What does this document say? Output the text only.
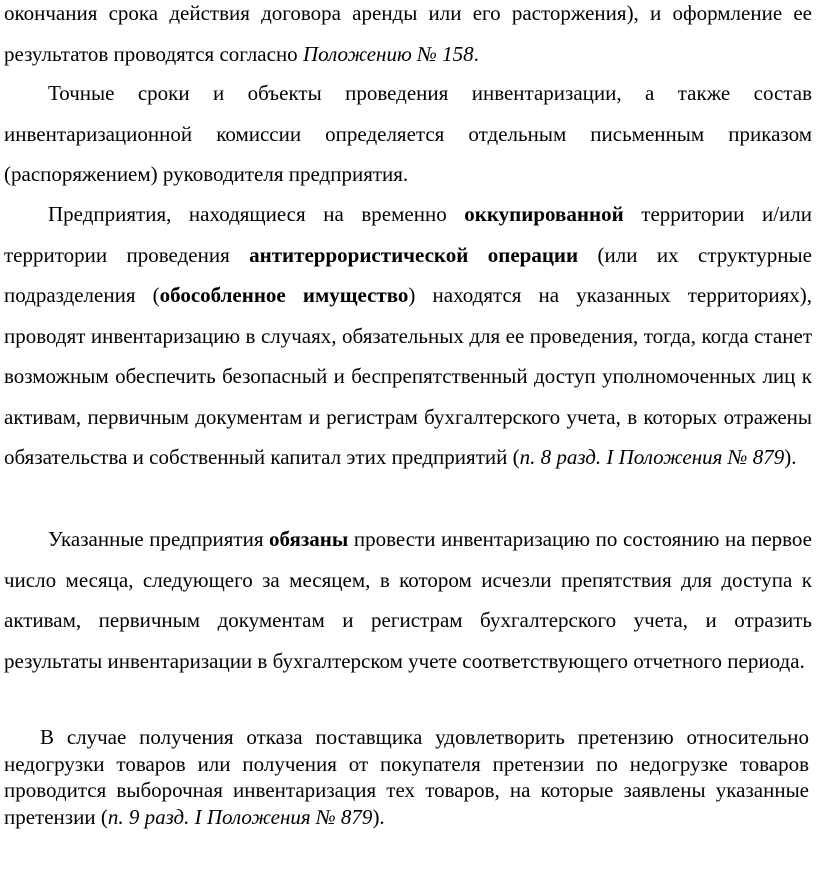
окончания срока действия договора аренды или его расторжения), и оформление ее результатов проводятся согласно Положению № 158.

Точные сроки и объекты проведения инвентаризации, а также состав инвентаризационной комиссии определяется отдельным письменным приказом (распоряжением) руководителя предприятия.

Предприятия, находящиеся на временно оккупированной территории и/или территории проведения антитеррористической операции (или их структурные подразделения (обособленное имущество) находятся на указанных территориях), проводят инвентаризацию в случаях, обязательных для ее проведения, тогда, когда станет возможным обеспечить безопасный и беспрепятственный доступ уполномоченных лиц к активам, первичным документам и регистрам бухгалтерского учета, в которых отражены обязательства и собственный капитал этих предприятий (п. 8 разд. I Положения № 879).

Указанные предприятия обязаны провести инвентаризацию по состоянию на первое число месяца, следующего за месяцем, в котором исчезли препятствия для доступа к активам, первичным документам и регистрам бухгалтерского учета, и отразить результаты инвентаризации в бухгалтерском учете соответствующего отчетного периода.

В случае получения отказа поставщика удовлетворить претензию относительно недогрузки товаров или получения от покупателя претензии по недогрузке товаров проводится выборочная инвентаризация тех товаров, на которые заявлены указанные претензии (п. 9 разд. I Положения № 879).
